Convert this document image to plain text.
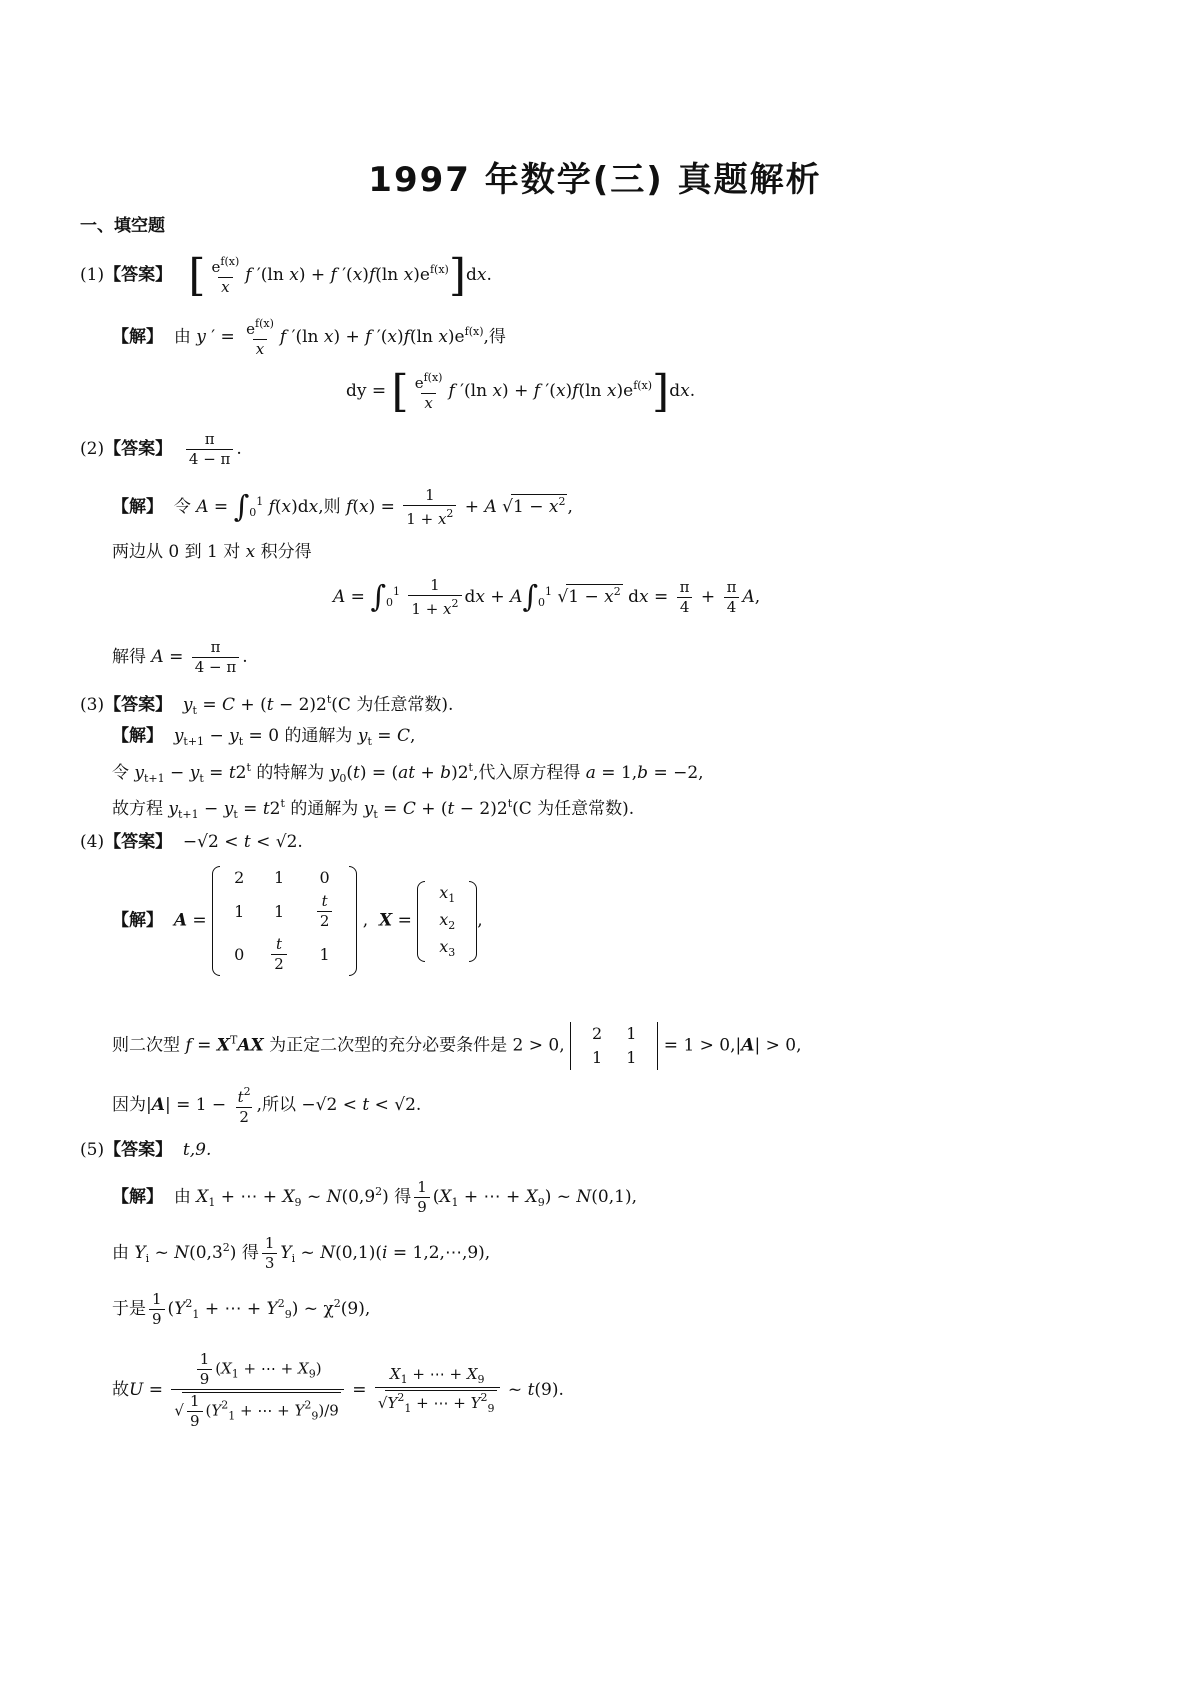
1997 年数学(三) 真题解析
一、填空题
(1)【答案】 [ $\frac{e^{f(x)}}{x}$ f ′(ln x) + f ′(x)f(ln $x)e^{f(x)}]dx$.
【解】 由 y ′ = $\frac{e^{f(x)}}{x}$ f ′(ln x) + f ′(x)f(ln $x)e^{f(x)}$,得
dy = [ $\frac{e^{f(x)}}{x}$ f ′(ln x) + f ′(x)f(ln $x)e^{f(x)}]dx$.
(2)【答案】 $\frac{\pi}{4 - \pi}$ .
【解】 令 $A = \int_0^1$ f(x)dx,则 $f(x) = \frac{1}{1 + x^2} + A$ $√1 - x^2$ ,
两边从 0 到 1 对 x 积分得
$A = \int_0^1 \frac{1}{1 + x^2}$ dx + $A\int_0^1$ $√1 - x^2$ dx = $\frac{\pi}{4} + \frac{\pi}{4} A$,
解得 $A = \frac{\pi}{4 - \pi}$ .
(3)【答案】 $y_t = C + (t - 2)2^t(C$ 为任意常数).
【解】 $y_{t+1} - y_t = 0$ 的通解为 $y_t = C$,
令 $y_{t+1} - y_t = t2^t$ 的特解为 $y_0(t) = (at + b)2^t$,代入原方程得 a = 1,b = −2,
故方程 $y_{t+1} - y_t = t2^t$ 的通解为 $y_t = C + (t - 2)2^t(C$ 为任意常数).
(4)【答案】  −√2 < t < √2.
【解】 A =
2	1	0
1	1	$\frac{t}{2}$

0	$\frac{t}{2}$	1
,  X =
$x_1$
$x_2$
$x_3$
,
则二次型 $f = X^TAX$ 为正定二次型的充分必要条件是 2 > 0,
2	1
1	1
= 1 > 0,|A| > 0,
因为$|A| = 1 - \frac{t^2}{2}$ ,所以 −√2 < t < √2.
(5)【答案】 t,9.
【解】 由 $X_1$ + ⋯ + $X_9$ ~ $N(0,9^2)$ 得 $\frac{1}{9} (X_1$ + ⋯ + $X_9$) ~ N(0,1),
由 $Y_i$ ~ $N(0,3^2)$ 得 $\frac{1}{3} Y_i$ ~ N(0,1)(i = 1,2,⋯,9),
于是 $\frac{1}{9} (Y^2_1$ + ⋯ + $Y^2_9$) ~ $\chi^2(9)$,
故$U = \frac{\frac{1}{9} (X_1 + \cdots + X_9)}{√ \frac{1}{9} (Y^2_1 + \cdots + Y^2_9)/9} = \frac{X_1 + \cdots + X_9}{√Y^2_1 + \cdots + Y^2_9}$ ~ t(9).
